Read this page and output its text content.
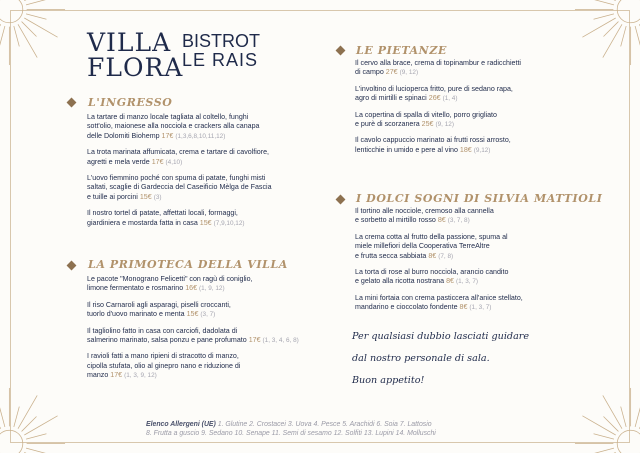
VILLA
FLORA
BISTROT
LE RAIS
L'INGRESSO
La tartare di manzo locale tagliata al coltello, funghi
sott'olio, maionese alla nocciola e crackers alla canapa
delle Dolomiti Biohemp 17€ (1,3,6,8,10,11,12)
La trota marinata affumicata, crema e tartare di cavolfiore,
agretti e mela verde 17€ (4,10)
L'uovo fiemmino poché con spuma di patate, funghi misti
saltati, scaglie di Gardeccia del Caseificio Mèlga de Fascia
e tuille ai porcini 15€ (3)
Il nostro tortel di patate, affettati locali, formaggi,
giardiniera e mostarda fatta in casa 15€ (7,9,10,12)
LA PRIMOTECA DELLA VILLA
Le pacote "Monograno Felicetti" con ragù di coniglio,
limone fermentato e rosmarino 16€ (1, 9, 12)
Il riso Carnaroli agli asparagi, piselli croccanti,
tuorlo d'uovo marinato e menta 15€ (3, 7)
Il tagliolino fatto in casa con carciofi, dadolata di
salmerino marinato, salsa ponzu e pane profumato 17€ (1, 3, 4, 6, 8)
I ravioli fatti a mano ripieni di stracotto di manzo,
cipolla stufata, olio al ginepro nano e riduzione di
manzo 17€ (1, 3, 9, 12)
LE PIETANZE
Il cervo alla brace, crema di topinambur e radicchietti
di campo 27€ (9, 12)
L'involtino di lucioperca fritto, pure di sedano rapa,
agro di mirtilli e spinaci 26€ (1, 4)
La copertina di spalla di vitello, porro grigliato
e purè di scorzanera 25€ (9, 12)
Il cavolo cappuccio marinato ai frutti rossi arrosto,
lenticchie in umido e pere al vino 18€ (9,12)
I DOLCI SOGNI DI SILVIA MATTIOLI
Il tortino alle nocciole, cremoso alla cannella
e sorbetto al mirtillo rosso 8€ (3, 7, 8)
La crema cotta al frutto della passione, spuma al
miele millefiori della Cooperativa TerreAltre
e frutta secca sabbiata 8€ (7, 8)
La torta di rose al burro nocciola, arancio candito
e gelato alla ricotta nostrana 8€ (1, 3, 7)
La mini fortaia con crema pasticcera all'anice stellato,
mandarino e cioccolato fondente 8€ (1, 3, 7)
Per qualsiasi dubbio lasciati guidare
dal nostro personale di sala.
Buon appetito!
Elenco Allergeni (UE) 1. Glutine 2. Crostacei 3. Uova 4. Pesce 5. Arachidi 6. Soia 7. Lattosio
8. Frutta a guscio 9. Sedano 10. Senape 11. Semi di sesamo 12. Solfiti 13. Lupini 14. Molluschi
